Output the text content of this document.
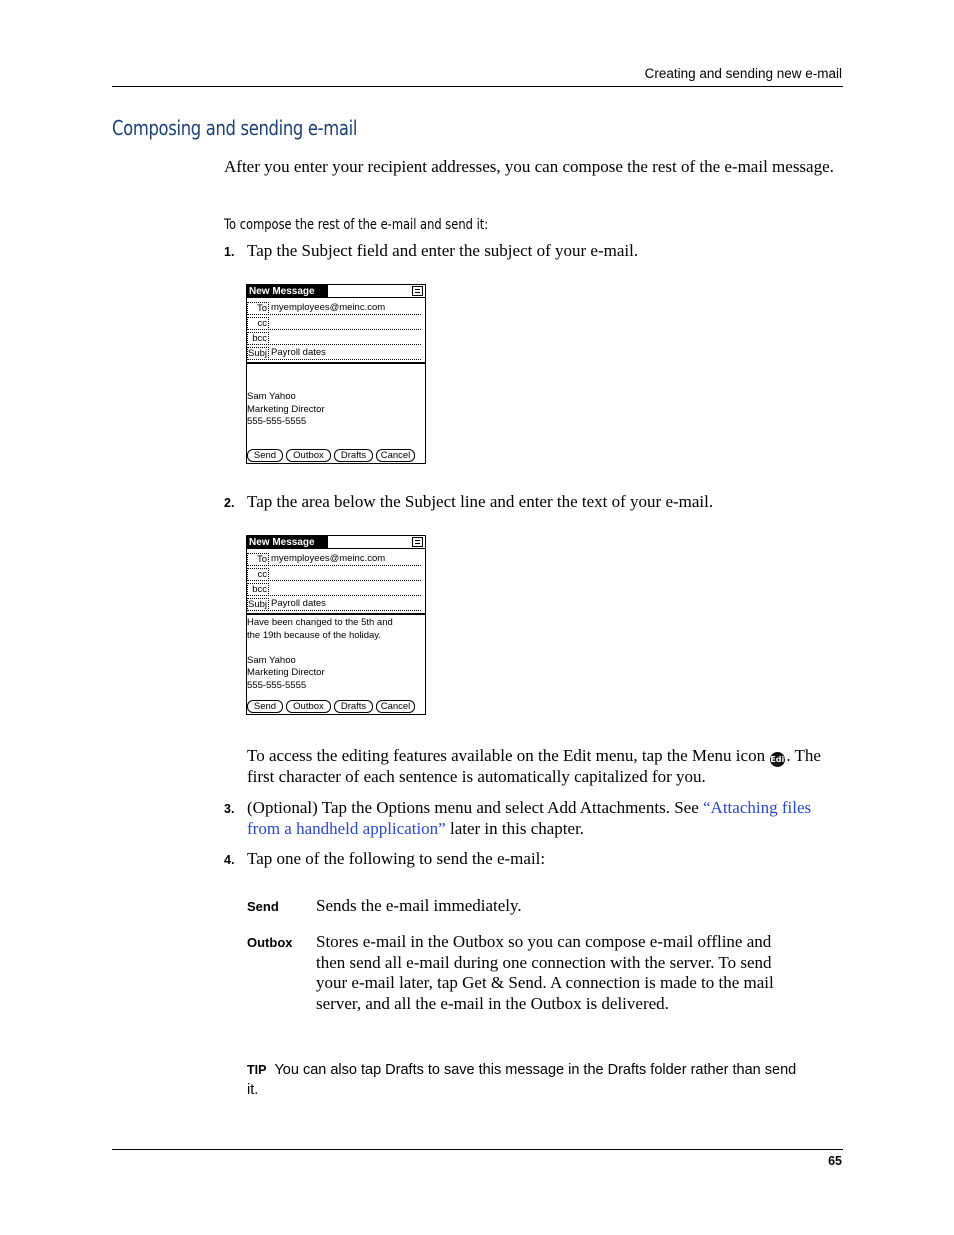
Creating and sending new e-mail
Composing and sending e-mail
After you enter your recipient addresses, you can compose the rest of the e-mail message.
To compose the rest of the e-mail and send it:
1. Tap the Subject field and enter the subject of your e-mail.
New Message
To myemployees@meinc.com
cc
bcc
Subj Payroll dates

Sam Yahoo
Marketing Director
555-555-5555
Send	Outbox	Drafts	Cancel
2. Tap the area below the Subject line and enter the text of your e-mail.
New Message
To myemployees@meinc.com
cc
bcc
Subj Payroll dates
Have been changed to the 5th and
the 19th because of the holiday.

Sam Yahoo
Marketing Director
555-555-5555
Send	Outbox	Drafts	Cancel
To access the editing features available on the Edit menu, tap the Menu icon Edit. The first character of each sentence is automatically capitalized for you.
3. (Optional) Tap the Options menu and select Add Attachments. See “Attaching files from a handheld application” later in this chapter.
4. Tap one of the following to send the e-mail:
Send Sends the e-mail immediately.
Outbox Stores e-mail in the Outbox so you can compose e-mail offline and then send all e-mail during one connection with the server. To send your e-mail later, tap Get & Send. A connection is made to the mail server, and all the e-mail in the Outbox is delivered.
TIP You can also tap Drafts to save this message in the Drafts folder rather than send it.
65
